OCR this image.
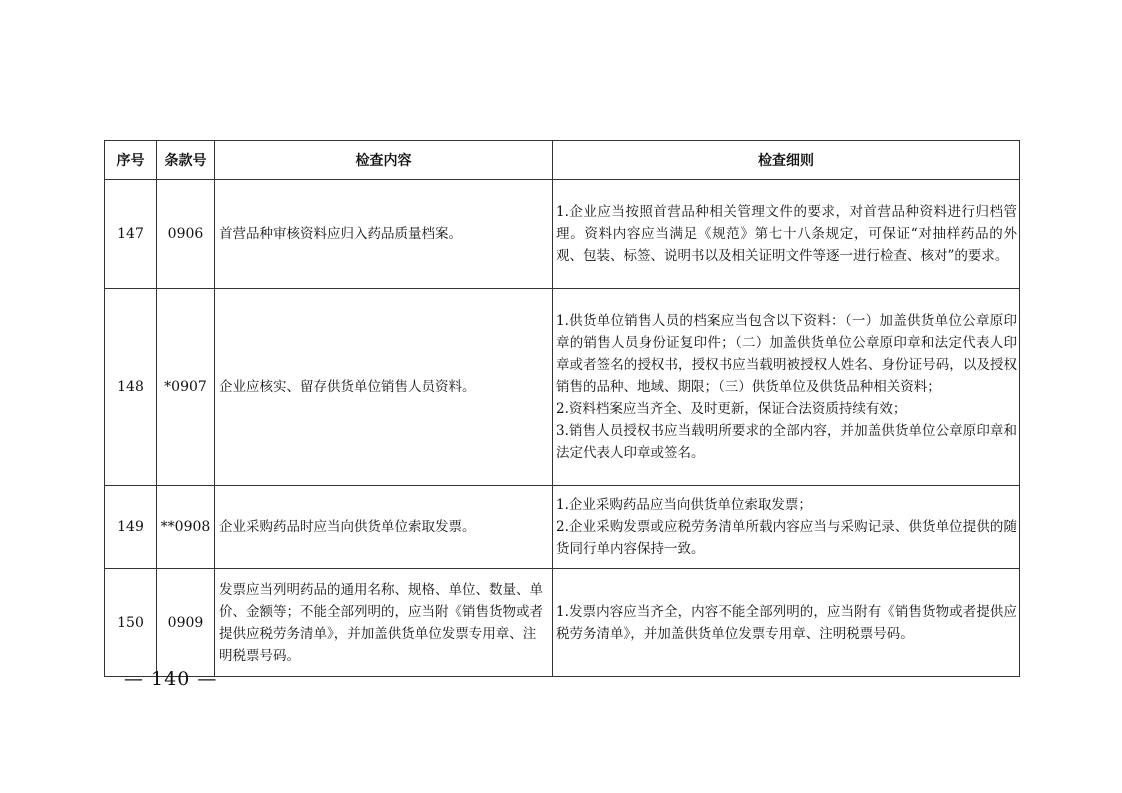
序号	条款号	检查内容	检查细则
147	0906	首营品种审核资料应归入药品质量档案。	1.企业应当按照首营品种相关管理文件的要求，对首营品种资料进行归档管理。资料内容应当满足《规范》第七十八条规定，可保证“对抽样药品的外观、包装、标签、说明书以及相关证明文件等逐一进行检查、核对”的要求。

148	*0907	企业应核实、留存供货单位销售人员资料。	1.供货单位销售人员的档案应当包含以下资料：（一）加盖供货单位公章原印章的销售人员身份证复印件；（二）加盖供货单位公章原印章和法定代表人印章或者签名的授权书，授权书应当载明被授权人姓名、身份证号码，以及授权销售的品种、地域、期限；（三）供货单位及供货品种相关资料；
2.资料档案应当齐全、及时更新，保证合法资质持续有效；
3.销售人员授权书应当载明所要求的全部内容，并加盖供货单位公章原印章和法定代表人印章或签名。

149	**0908	企业采购药品时应当向供货单位索取发票。	1.企业采购药品应当向供货单位索取发票；
2.企业采购发票或应税劳务清单所载内容应当与采购记录、供货单位提供的随货同行单内容保持一致。

150	0909	发票应当列明药品的通用名称、规格、单位、数量、单价、金额等；不能全部列明的，应当附《销售货物或者提供应税劳务清单》，并加盖供货单位发票专用章、注明税票号码。	1.发票内容应当齐全，内容不能全部列明的，应当附有《销售货物或者提供应税劳务清单》，并加盖供货单位发票专用章、注明税票号码。
— 140 —
